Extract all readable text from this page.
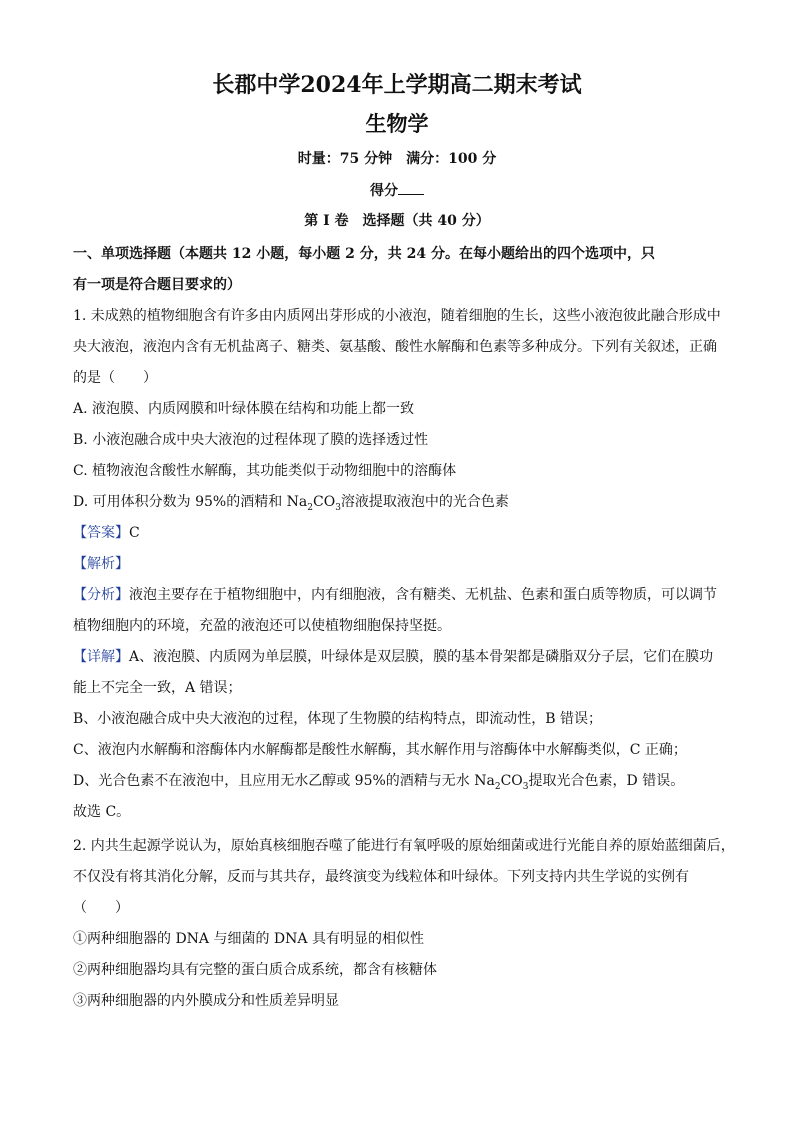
长郡中学2024年上学期高二期末考试
生物学
时量：75 分钟　满分：100 分
得分
第 I 卷　选择题（共 40 分）
一、单项选择题（本题共 12 小题，每小题 2 分，共 24 分。在每小题给出的四个选项中，只
有一项是符合题目要求的）
1. 未成熟的植物细胞含有许多由内质网出芽形成的小液泡，随着细胞的生长，这些小液泡彼此融合形成中
央大液泡，液泡内含有无机盐离子、糖类、氨基酸、酸性水解酶和色素等多种成分。下列有关叙述，正确
的是（　　）
A. 液泡膜、内质网膜和叶绿体膜在结构和功能上都一致
B. 小液泡融合成中央大液泡的过程体现了膜的选择透过性
C. 植物液泡含酸性水解酶，其功能类似于动物细胞中的溶酶体
D. 可用体积分数为 95%的酒精和 $Na_2CO_3$溶液提取液泡中的光合色素
【答案】C
【解析】
【分析】液泡主要存在于植物细胞中，内有细胞液，含有糖类、无机盐、色素和蛋白质等物质，可以调节
植物细胞内的环境，充盈的液泡还可以使植物细胞保持坚挺。
【详解】A、液泡膜、内质网为单层膜，叶绿体是双层膜，膜的基本骨架都是磷脂双分子层，它们在膜功
能上不完全一致，A 错误；
B、小液泡融合成中央大液泡的过程，体现了生物膜的结构特点，即流动性，B 错误；
C、液泡内水解酶和溶酶体内水解酶都是酸性水解酶，其水解作用与溶酶体中水解酶类似，C 正确；
D、光合色素不在液泡中，且应用无水乙醇或 95%的酒精与无水 $Na_2CO_3$提取光合色素，D 错误。
故选 C。
2. 内共生起源学说认为，原始真核细胞吞噬了能进行有氧呼吸的原始细菌或进行光能自养的原始蓝细菌后，
不仅没有将其消化分解，反而与其共存，最终演变为线粒体和叶绿体。下列支持内共生学说的实例有
（　　）
①两种细胞器的 DNA 与细菌的 DNA 具有明显的相似性
②两种细胞器均具有完整的蛋白质合成系统，都含有核糖体
③两种细胞器的内外膜成分和性质差异明显
